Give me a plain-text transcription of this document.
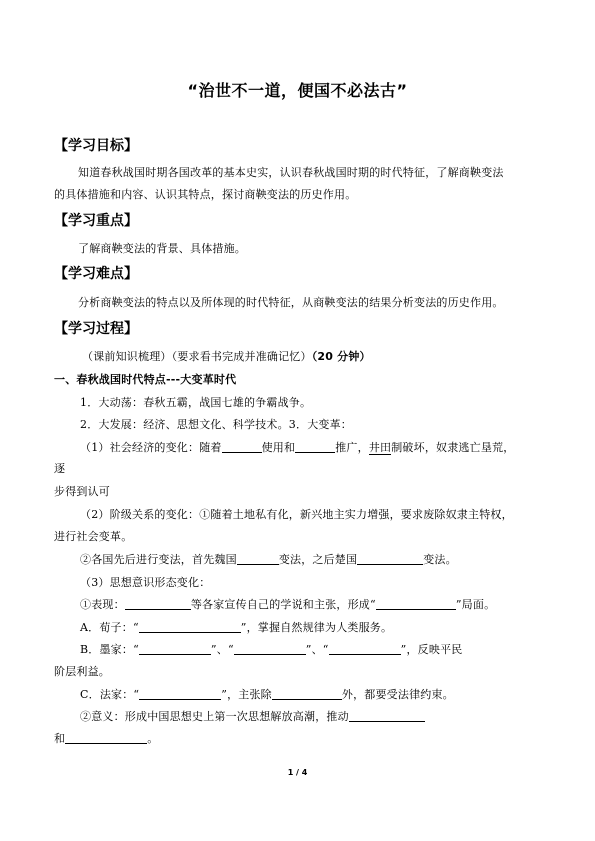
“治世不一道，便国不必法古”
【学习目标】
知道春秋战国时期各国改革的基本史实，认识春秋战国时期的时代特征，了解商鞅变法
的具体措施和内容、认识其特点，探讨商鞅变法的历史作用。
【学习重点】
了解商鞅变法的背景、具体措施。
【学习难点】
分析商鞅变法的特点以及所体现的时代特征，从商鞅变法的结果分析变法的历史作用。
【学习过程】
（课前知识梳理）（要求看书完成并准确记忆）（20 分钟）
一、春秋战国时代特点---大变革时代
1．大动荡：春秋五霸，战国七雄的争霸战争。
2．大发展：经济、思想文化、科学技术。3．大变革：
（1）社会经济的变化：随着	使用和	推广，井田制破坏，奴隶逃亡垦荒，
逐
步得到认可
（2）阶级关系的变化：①随着土地私有化，新兴地主实力增强，要求废除奴隶主特权，
进行社会变革。
②各国先后进行变法，首先魏国	变法，之后楚国	变法。
（3）思想意识形态变化：
①表现：	等各家宣传自己的学说和主张，形成“	”局面。
A．荀子：“	”，掌握自然规律为人类服务。
B．墨家：“	”、“	”、“	”，反映平民
阶层利益。
C．法家：“	”，主张除	外，都要受法律约束。
②意义：形成中国思想史上第一次思想解放高潮，推动
和	。
1 / 4
